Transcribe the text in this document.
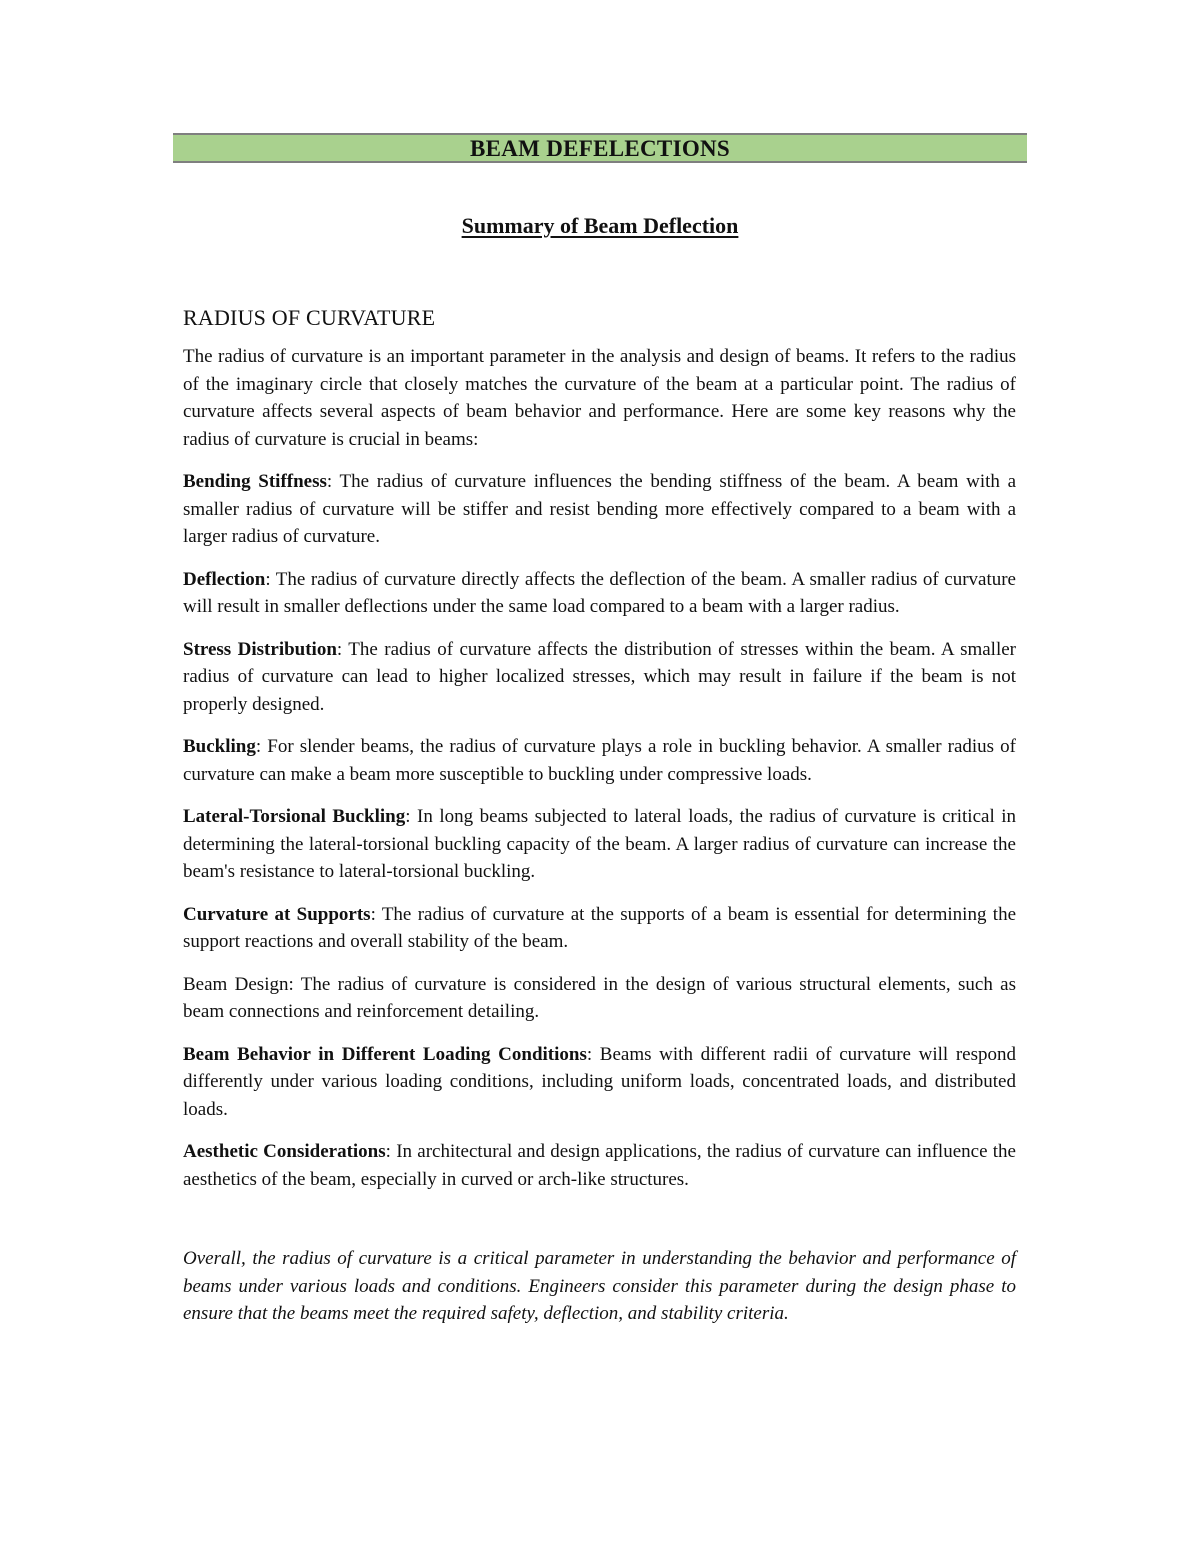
BEAM DEFELECTIONS
Summary of Beam Deflection
RADIUS OF CURVATURE

The radius of curvature is an important parameter in the analysis and design of beams. It refers to the radius of the imaginary circle that closely matches the curvature of the beam at a particular point. The radius of curvature affects several aspects of beam behavior and performance. Here are some key reasons why the radius of curvature is crucial in beams:

Bending Stiffness: The radius of curvature influences the bending stiffness of the beam. A beam with a smaller radius of curvature will be stiffer and resist bending more effectively compared to a beam with a larger radius of curvature.

Deflection: The radius of curvature directly affects the deflection of the beam. A smaller radius of curvature will result in smaller deflections under the same load compared to a beam with a larger radius.

Stress Distribution: The radius of curvature affects the distribution of stresses within the beam. A smaller radius of curvature can lead to higher localized stresses, which may result in failure if the beam is not properly designed.

Buckling: For slender beams, the radius of curvature plays a role in buckling behavior. A smaller radius of curvature can make a beam more susceptible to buckling under compressive loads.

Lateral-Torsional Buckling: In long beams subjected to lateral loads, the radius of curvature is critical in determining the lateral-torsional buckling capacity of the beam. A larger radius of curvature can increase the beam's resistance to lateral-torsional buckling.

Curvature at Supports: The radius of curvature at the supports of a beam is essential for determining the support reactions and overall stability of the beam.

Beam Design: The radius of curvature is considered in the design of various structural elements, such as beam connections and reinforcement detailing.

Beam Behavior in Different Loading Conditions: Beams with different radii of curvature will respond differently under various loading conditions, including uniform loads, concentrated loads, and distributed loads.

Aesthetic Considerations: In architectural and design applications, the radius of curvature can influence the aesthetics of the beam, especially in curved or arch-like structures.

Overall, the radius of curvature is a critical parameter in understanding the behavior and performance of beams under various loads and conditions. Engineers consider this parameter during the design phase to ensure that the beams meet the required safety, deflection, and stability criteria.
